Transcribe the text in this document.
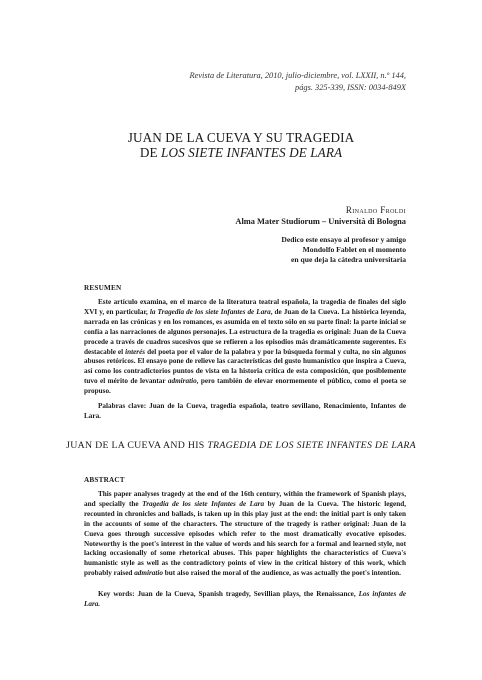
Revista de Literatura, 2010, julio-diciembre, vol. LXXII, n.º 144,
págs. 325-339, ISSN: 0034-849X
JUAN DE LA CUEVA Y SU TRAGEDIA
DE LOS SIETE INFANTES DE LARA
Rinaldo Froldi
Alma Mater Studiorum – Università di Bologna
Dedico este ensayo al profesor y amigo
Mondolfo Fablet en el momento
en que deja la cátedra universitaria
RESUMEN

Este artículo examina, en el marco de la literatura teatral española, la tragedia de finales del siglo XVI y, en particular, la Tragedia de los siete Infantes de Lara, de Juan de la Cueva. La histórica leyenda, narrada en las crónicas y en los romances, es asumida en el texto sólo en su parte final: la parte inicial se confía a las narraciones de algunos personajes. La estructura de la tragedia es original: Juan de la Cueva procede a través de cuadros sucesivos que se refieren a los episodios más dramáticamente sugerentes. Es destacable el interés del poeta por el valor de la palabra y por la búsqueda formal y culta, no sin algunos abusos retóricos. El ensayo pone de relieve las características del gusto humanístico que inspira a Cueva, así como los contradictorios puntos de vista en la historia crítica de esta composición, que posiblemente tuvo el mérito de levantar admiratio, pero también de elevar enormemente el público, como el poeta se propuso.

Palabras clave: Juan de la Cueva, tragedia española, teatro sevillano, Renacimiento, Infantes de Lara.

JUAN DE LA CUEVA AND HIS TRAGEDIA DE LOS SIETE INFANTES DE LARA
ABSTRACT

This paper analyses tragedy at the end of the 16th century, within the framework of Spanish plays, and specially the Tragedia de los siete Infantes de Lara by Juan de la Cueva. The historic legend, recounted in chronicles and ballads, is taken up in this play just at the end: the initial part is only taken in the accounts of some of the characters. The structure of the tragedy is rather original: Juan de la Cueva goes through successive episodes which refer to the most dramatically evocative episodes. Noteworthy is the poet's interest in the value of words and his search for a formal and learned style, not lacking occasionally of some rhetorical abuses. This paper highlights the characteristics of Cueva's humanistic style as well as the contradictory points of view in the critical history of this work, which probably raised admiratio but also raised the moral of the audience, as was actually the poet's intention.

Key words: Juan de la Cueva, Spanish tragedy, Sevillian plays, the Renaissance, Los infantes de Lara.
